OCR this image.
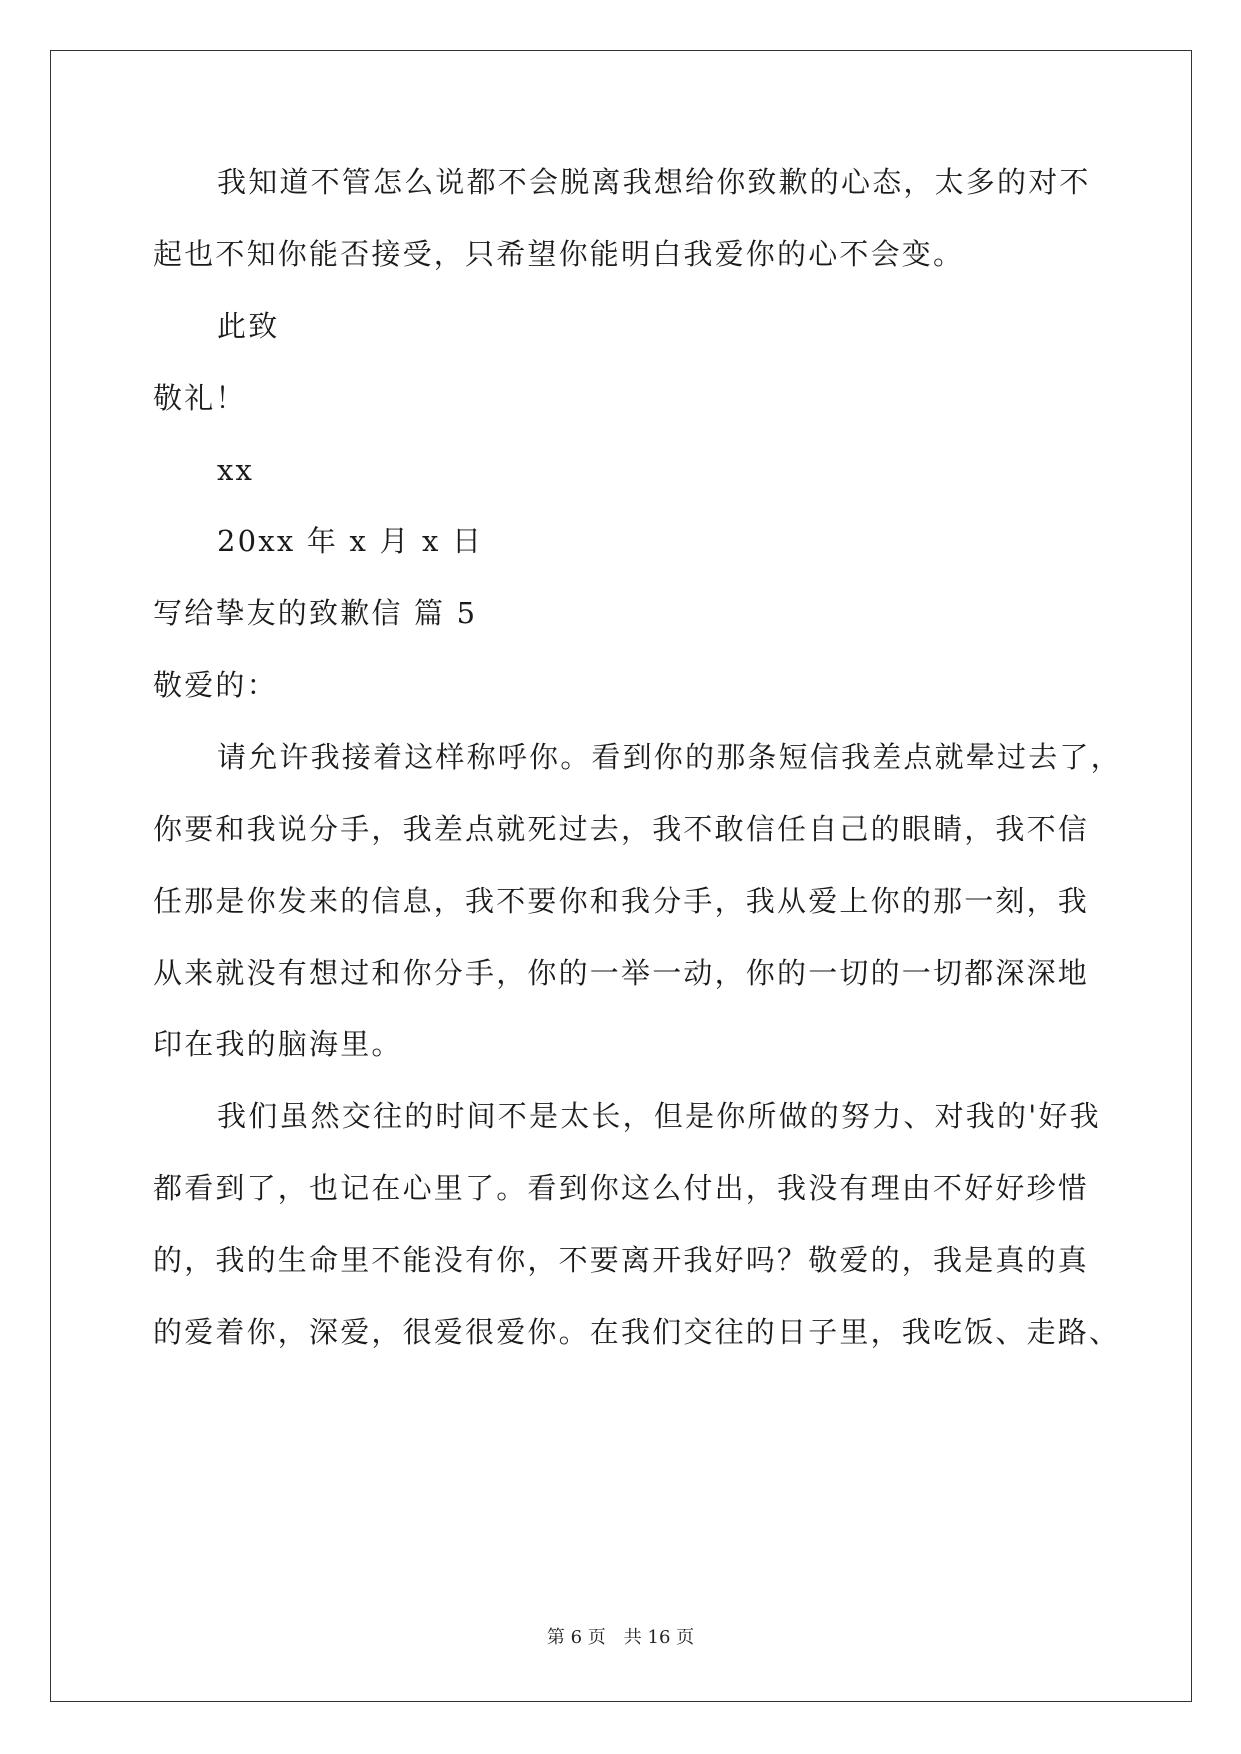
我知道不管怎么说都不会脱离我想给你致歉的心态，太多的对不
起也不知你能否接受，只希望你能明白我爱你的心不会变。
此致
敬礼！
xx
20xx 年 x 月 x 日
写给挚友的致歉信 篇 5
敬爱的：
请允许我接着这样称呼你。看到你的那条短信我差点就晕过去了，
你要和我说分手，我差点就死过去，我不敢信任自己的眼睛，我不信
任那是你发来的信息，我不要你和我分手，我从爱上你的那一刻，我
从来就没有想过和你分手，你的一举一动，你的一切的一切都深深地
印在我的脑海里。
我们虽然交往的时间不是太长，但是你所做的努力、对我的'好我
都看到了，也记在心里了。看到你这么付出，我没有理由不好好珍惜
的，我的生命里不能没有你，不要离开我好吗？敬爱的，我是真的真
的爱着你，深爱，很爱很爱你。在我们交往的日子里，我吃饭、走路、
第 6 页　共 16 页
